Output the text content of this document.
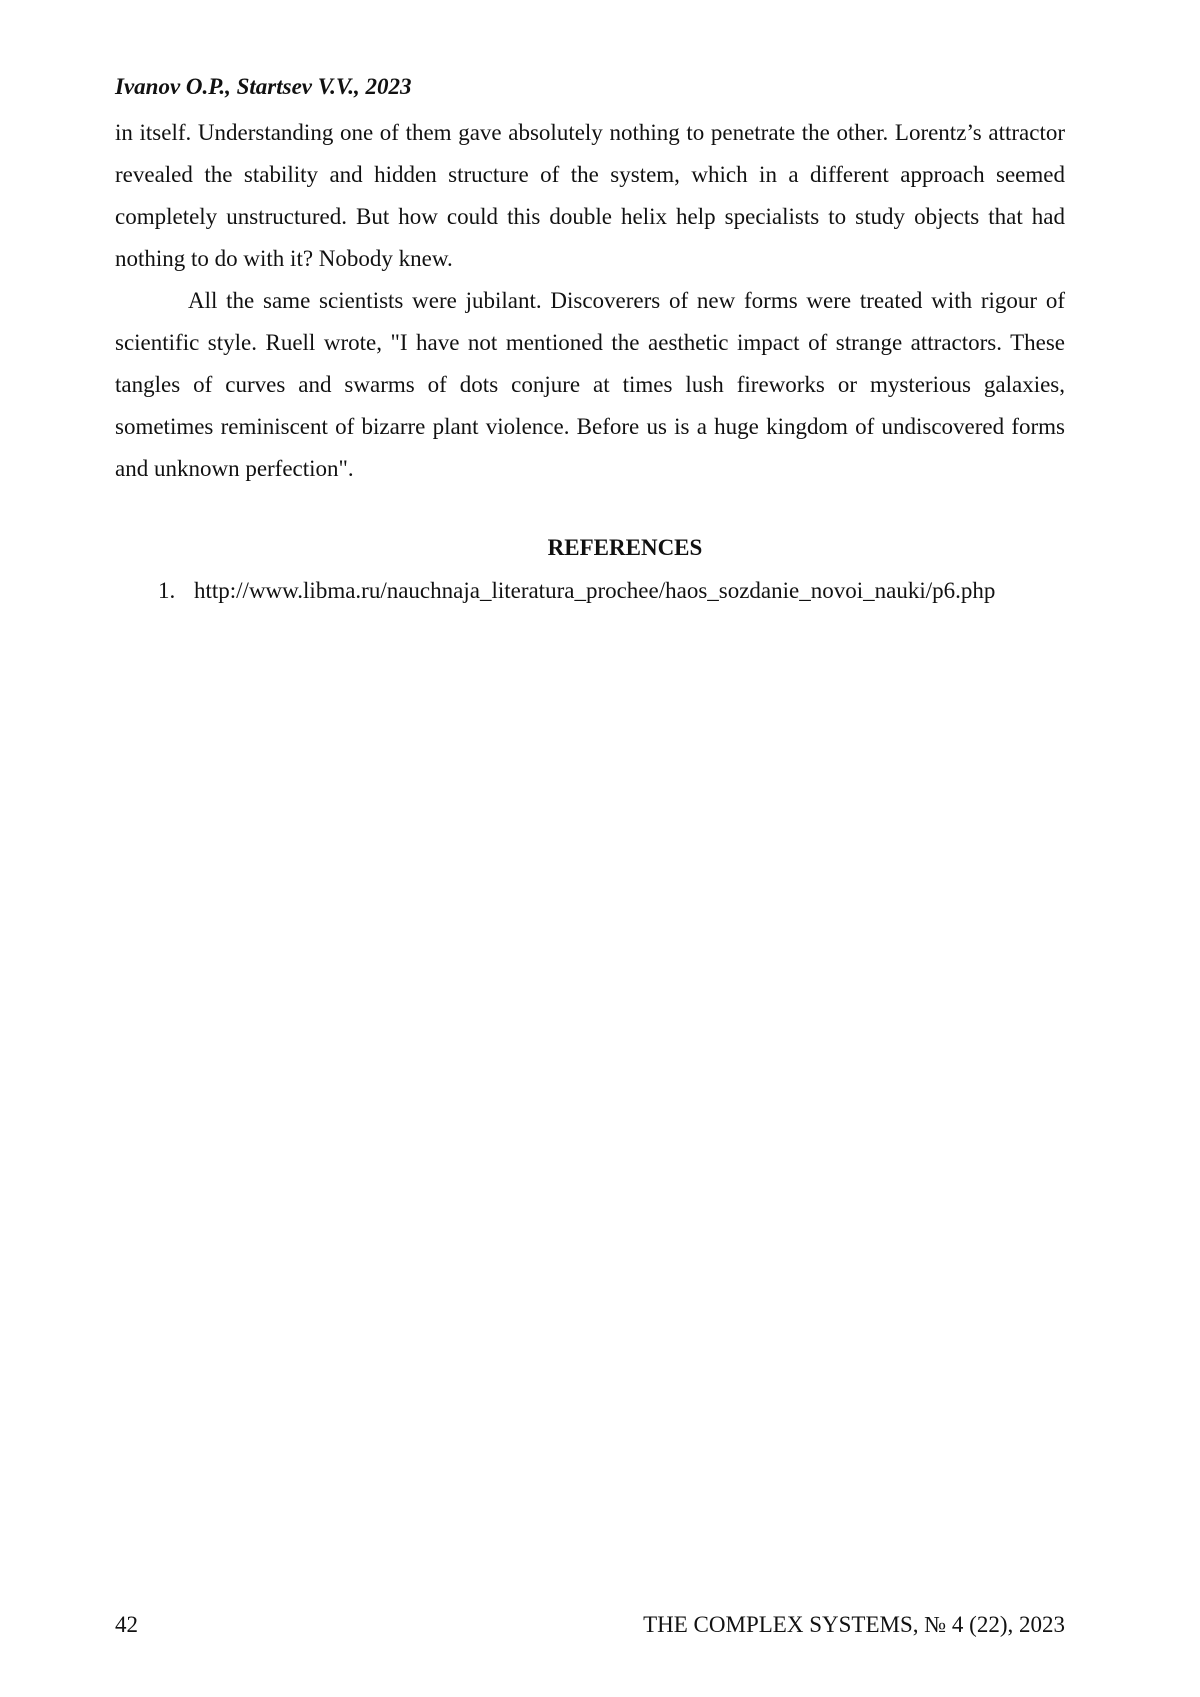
Ivanov O.P., Startsev V.V., 2023

in itself. Understanding one of them gave absolutely nothing to penetrate the other. Lorentz’s attractor revealed the stability and hidden structure of the system, which in a different approach seemed completely unstructured. But how could this double helix help specialists to study objects that had nothing to do with it? Nobody knew.

All the same scientists were jubilant. Discoverers of new forms were treated with rigour of scientific style. Ruell wrote, "I have not mentioned the aesthetic impact of strange attractors. These tangles of curves and swarms of dots conjure at times lush fireworks or mysterious galaxies, sometimes reminiscent of bizarre plant violence. Before us is a huge kingdom of undiscovered forms and unknown perfection".

REFERENCES
1. http://www.libma.ru/nauchnaja_literatura_prochee/haos_sozdanie_novoi_nauki/p6.php
42	THE COMPLEX SYSTEMS, № 4 (22), 2023
